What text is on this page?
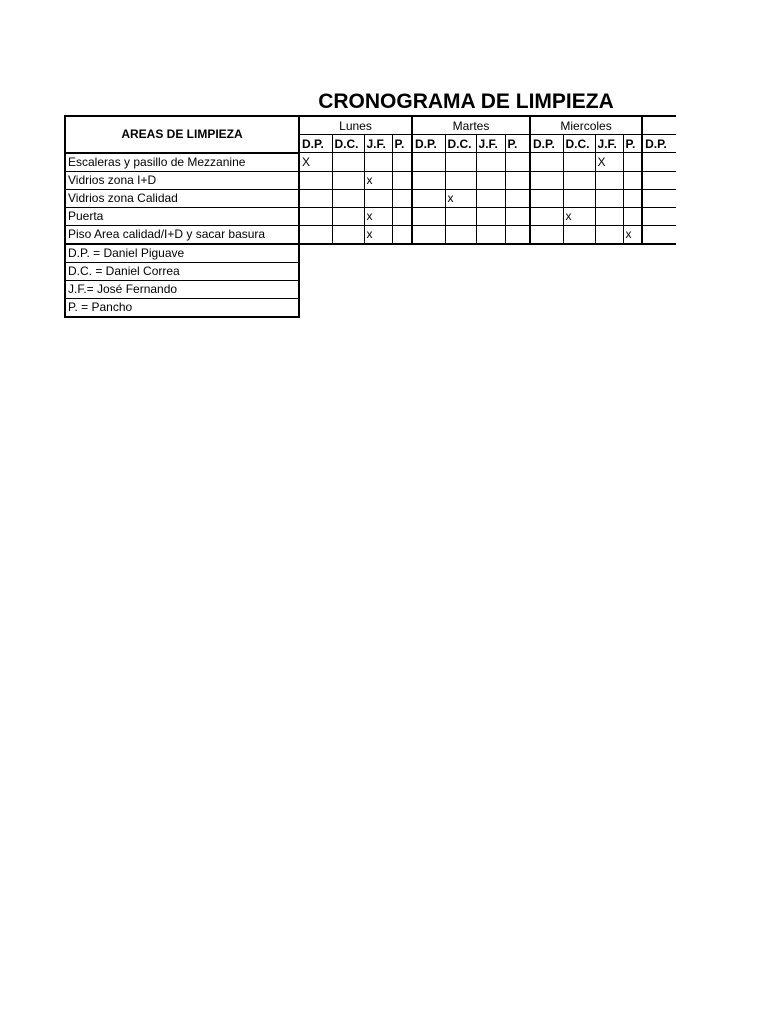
CRONOGRAMA DE LIMPIEZA
AREAS DE LIMPIEZA	Lunes				Martes				Miercoles				
	D.P.	D.C.	J.F.	P.	D.P.	D.C.	J.F.	P.	D.P.	D.C.	J.F.	P.	D.P.
Escaleras y pasillo de Mezzanine	X										X		
Vidrios zona I+D			x										
Vidrios zona Calidad						x							
Puerta			x							x			
Piso Area calidad/I+D y sacar basura			x									x	
D.P. = Daniel Piguave													
D.C. = Daniel Correa													
J.F.= José Fernando													
P. = Pancho													
